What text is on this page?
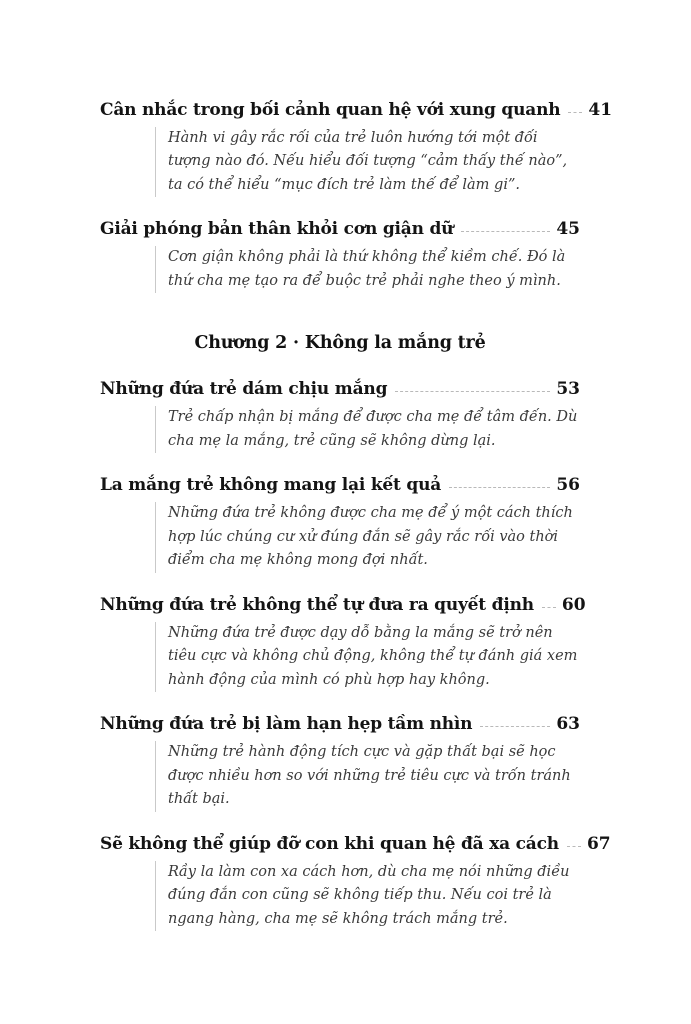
Cân nhắc trong bối cảnh quan hệ với xung quanh 41
Hành vi gây rắc rối của trẻ luôn hướng tới một đối tượng nào đó. Nếu hiểu đối tượng “cảm thấy thế nào”, ta có thể hiểu “mục đích trẻ làm thế để làm gi”.
Giải phóng bản thân khỏi cơn giận dữ	45
Cơn giận không phải là thứ không thể kiềm chế. Đó là thứ cha mẹ tạo ra để buộc trẻ phải nghe theo ý mình.
Chương 2 · Không la mắng trẻ
Những đứa trẻ dám chịu mắng	53
Trẻ chấp nhận bị mắng để được cha mẹ để tâm đến. Dù cha mẹ la mắng, trẻ cũng sẽ không dừng lại.
La mắng trẻ không mang lại kết quả	56
Những đứa trẻ không được cha mẹ để ý một cách thích hợp lúc chúng cư xử đúng đắn sẽ gây rắc rối vào thời điểm cha mẹ không mong đợi nhất.
Những đứa trẻ không thể tự đưa ra quyết định 60
Những đứa trẻ được dạy dỗ bằng la mắng sẽ trở nên tiêu cực và không chủ động, không thể tự đánh giá xem hành động của mình có phù hợp hay không.
Những đứa trẻ bị làm hạn hẹp tầm nhìn	63
Những trẻ hành động tích cực và gặp thất bại sẽ học được nhiều hơn so với những trẻ tiêu cực và trốn tránh thất bại.
Sẽ không thể giúp đỡ con khi quan hệ đã xa cách 67
Rầy la làm con xa cách hơn, dù cha mẹ nói những điều đúng đắn con cũng sẽ không tiếp thu. Nếu coi trẻ là ngang hàng, cha mẹ sẽ không trách mắng trẻ.
